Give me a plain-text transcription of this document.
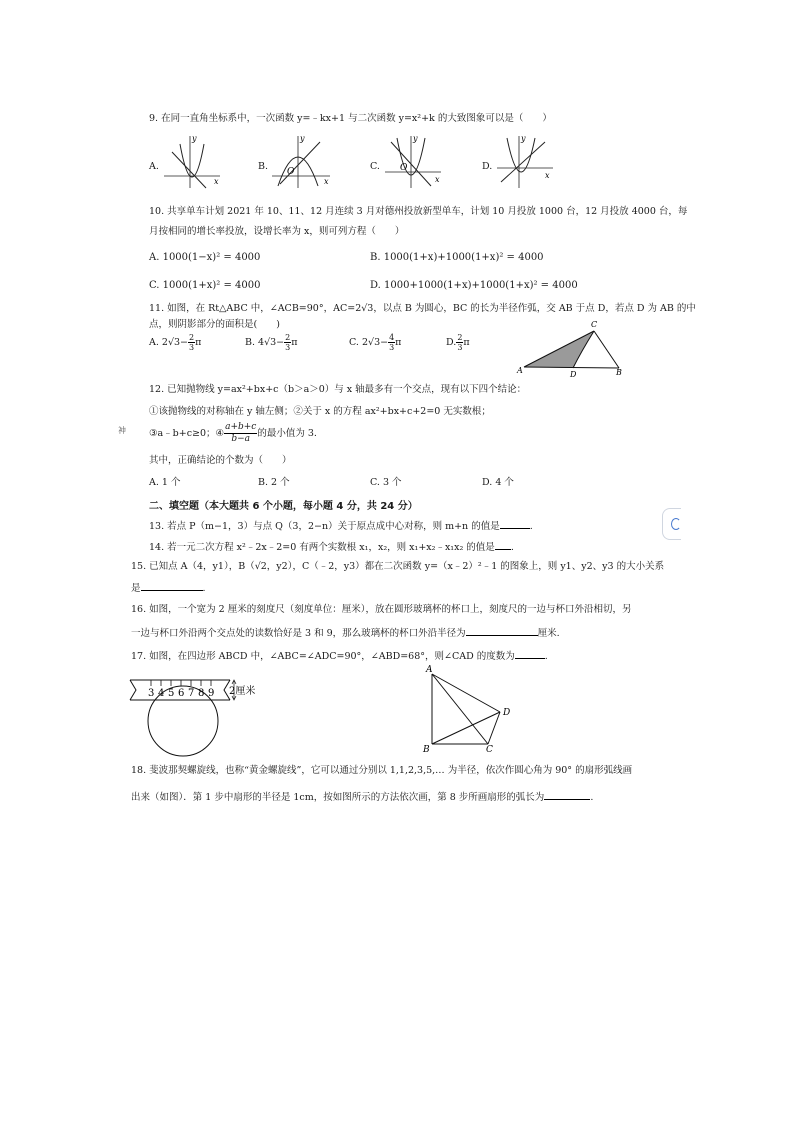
9. 在同一直角坐标系中，一次函数 y=﹣kx+1 与二次函数 y=x²+k 的大致图象可以是（　　）
A.
y
x
B. O
y
x
C. O
y
x
D.
y
x
10. 共享单车计划 2021 年 10、11、12 月连续 3 月对德州投放新型单车，计划 10 月投放 1000 台，12 月投放 4000 台，每
月按相同的增长率投放，设增长率为 x，则可列方程（　　）
A. 1000(1−x)² = 4000	B. 1000(1+x)+1000(1+x)² = 4000
C. 1000(1+x)² = 4000	D. 1000+1000(1+x)+1000(1+x)² = 4000
11. 如图，在 Rt△ABC 中，∠ACB=90°，AC=2√3，以点 B 为圆心，BC 的长为半径作弧，交 AB 于点 D，若点 D 为 AB 的中
点，则阴影部分的面积是(　　)
A. $2√3- \frac{2}{3}$ π	B. $4√3- \frac{2}{3}$ π	C. $2√3- \frac{4}{3}$ π	D. $\frac{2}{3}$ π
A
C
D	B
12. 已知抛物线 y=ax²+bx+c（b＞a＞0）与 x 轴最多有一个交点，现有以下四个结论：
①该抛物线的对称轴在 y 轴左侧；②关于 x 的方程 ax²+bx+c+2=0 无实数根；
祌 ③a﹣b+c≥0；④ $\frac{a+b+c}{b-a}$ 的最小值为 3.
其中，正确结论的个数为（　　）
A. 1 个	B. 2 个	C. 3 个	D. 4 个
二、填空题（本大题共 6 个小题，每小题 4 分，共 24 分）
13. 若点 P（m−1，3）与点 Q（3，2−n）关于原点成中心对称，则 m+n 的值是	.
14. 若一元二次方程 x²﹣2x﹣2=0 有两个实数根 x₁，x₂，则 x₁+x₂﹣x₁x₂ 的值是 .
15. 已知点 A（4，y1），B（√2，y2），C（﹣2，y3）都在二次函数 y=（x﹣2）²﹣1 的图象上，则 y1、y2、y3 的大小关系
是	.
16. 如图，一个宽为 2 厘米的刻度尺（刻度单位：厘米），放在圆形玻璃杯的杯口上，刻度尺的一边与杯口外沿相切，另
一边与杯口外沿两个交点处的读数恰好是 3 和 9，那么玻璃杯的杯口外沿半径为	厘米.
17. 如图，在四边形 ABCD 中，∠ABC=∠ADC=90°，∠ABD=68°，则∠CAD 的度数为	.
3 4 5 6 7 8 9 2厘米
A
B	C
D
18. 斐波那契螺旋线，也称“黄金螺旋线”，它可以通过分别以 1,1,2,3,5,… 为半径，依次作圆心角为 90° 的扇形弧线画
出来（如图）．第 1 步中扇形的半径是 1cm，按如图所示的方法依次画，第 8 步所画扇形的弧长为	.
